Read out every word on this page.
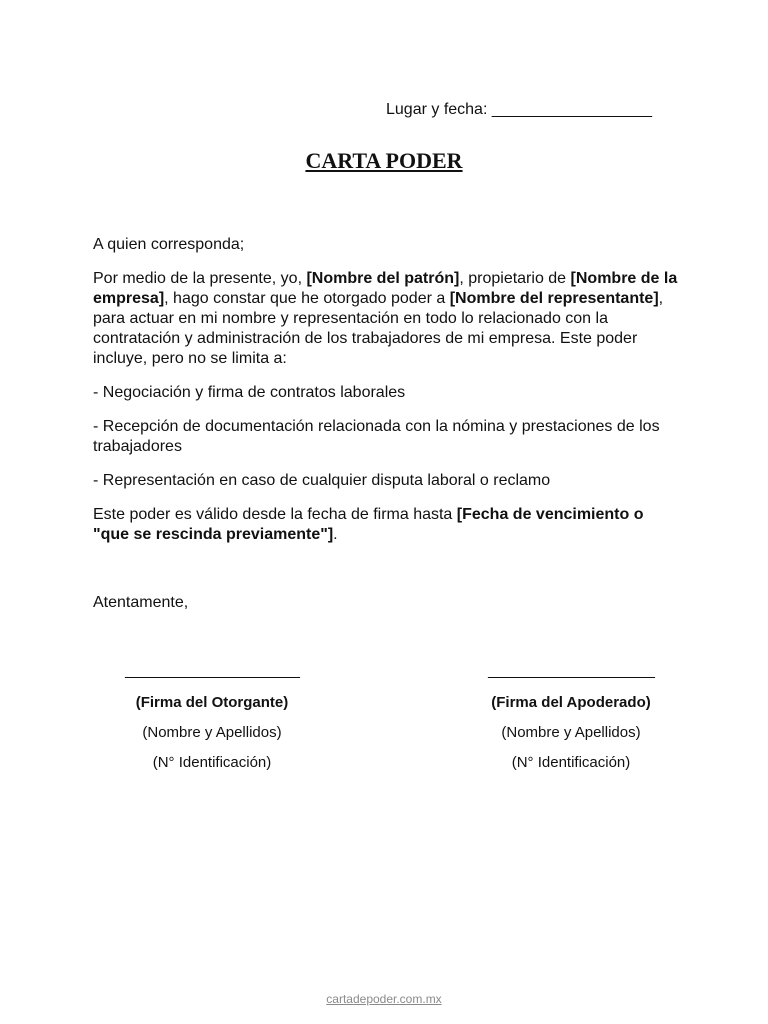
Lugar y fecha: __________________
CARTA PODER

A quien corresponda;

Por medio de la presente, yo, [Nombre del patrón], propietario de [Nombre de la empresa], hago constar que he otorgado poder a [Nombre del representante], para actuar en mi nombre y representación en todo lo relacionado con la contratación y administración de los trabajadores de mi empresa. Este poder incluye, pero no se limita a:

- Negociación y firma de contratos laborales

- Recepción de documentación relacionada con la nómina y prestaciones de los trabajadores

- Representación en caso de cualquier disputa laboral o reclamo

Este poder es válido desde la fecha de firma hasta [Fecha de vencimiento o "que se rescinda previamente"].

Atentamente,
______________________
(Firma del Otorgante)
(Nombre y Apellidos)
(N° Identificación)
_____________________
(Firma del Apoderado)
(Nombre y Apellidos)
(N° Identificación)
cartadepoder.com.mx
